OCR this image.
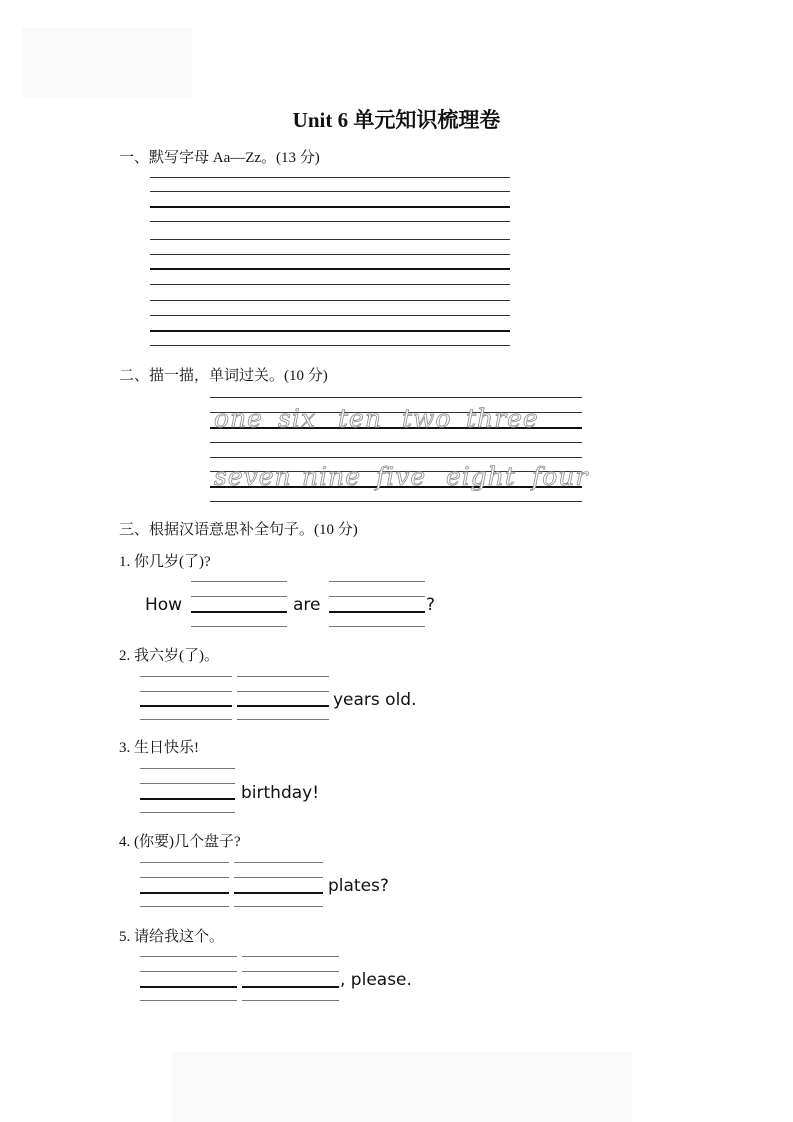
Unit 6 单元知识梳理卷
一、默写字母 Aa—Zz。(13 分)
二、描一描，单词过关。(10 分)
one six ten two three
seven nine five eight four
三、根据汉语意思补全句子。(10 分)
1. 你几岁(了)?
How	are	?
2. 我六岁(了)。
years old.
3. 生日快乐!
birthday!
4. (你要)几个盘子?
plates?
5. 请给我这个。
, please.
